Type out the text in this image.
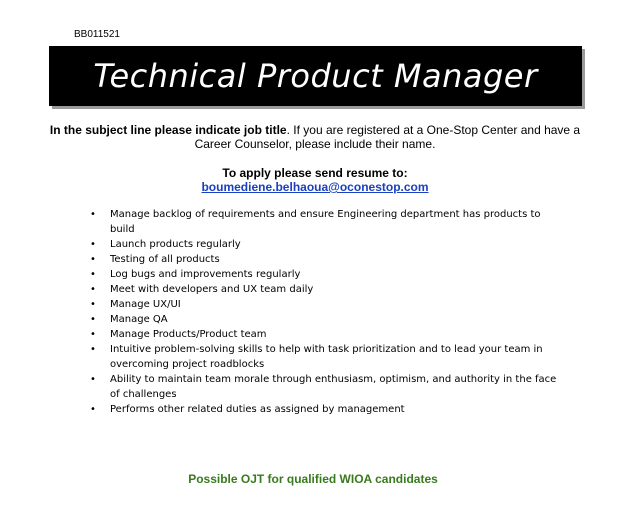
BB011521
Technical Product Manager
In the subject line please indicate job title. If you are registered at a One-Stop Center and have a Career Counselor, please include their name.
To apply please send resume to:
boumediene.belhaoua@oconestop.com
• Manage backlog of requirements and ensure Engineering department has products to build
• Launch products regularly
• Testing of all products
• Log bugs and improvements regularly
• Meet with developers and UX team daily
• Manage UX/UI
• Manage QA
• Manage Products/Product team
• Intuitive problem-solving skills to help with task prioritization and to lead your team in overcoming project roadblocks
• Ability to maintain team morale through enthusiasm, optimism, and authority in the face of challenges
• Performs other related duties as assigned by management
Possible OJT for qualified WIOA candidates
